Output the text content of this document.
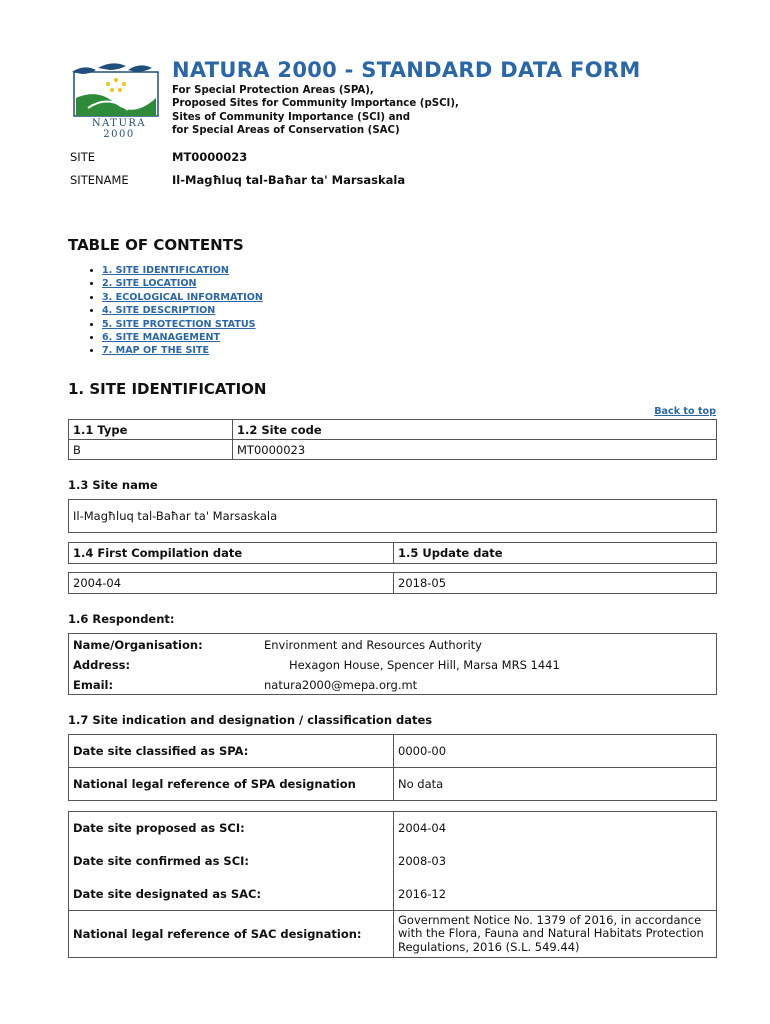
NATURA 2000
NATURA 2000 - STANDARD DATA FORM
For Special Protection Areas (SPA),
Proposed Sites for Community Importance (pSCI),
Sites of Community Importance (SCI) and
for Special Areas of Conservation (SAC)
SITE	MT0000023
SITENAME	Il-Magħluq tal-Baħar ta' Marsaskala
TABLE OF CONTENTS
• 1. SITE IDENTIFICATION
• 2. SITE LOCATION
• 3. ECOLOGICAL INFORMATION
• 4. SITE DESCRIPTION
• 5. SITE PROTECTION STATUS
• 6. SITE MANAGEMENT
• 7. MAP OF THE SITE
1. SITE IDENTIFICATION
Back to top
1.1 Type	1.2 Site code
B	MT0000023
1.3 Site name
Il-Magħluq tal-Baħar ta' Marsaskala
1.4 First Compilation date	1.5 Update date
2004-04	2018-05
1.6 Respondent:
Name/Organisation:	Environment and Resources Authority
Address:	Hexagon House, Spencer Hill, Marsa MRS 1441
Email:	natura2000@mepa.org.mt
1.7 Site indication and designation / classification dates
Date site classified as SPA:	0000-00
National legal reference of SPA designation	No data
Date site proposed as SCI:	2004-04
Date site confirmed as SCI:	2008-03
Date site designated as SAC:	2016-12
National legal reference of SAC designation:	Government Notice No. 1379 of 2016, in accordance with the Flora, Fauna and Natural Habitats Protection Regulations, 2016 (S.L. 549.44)
